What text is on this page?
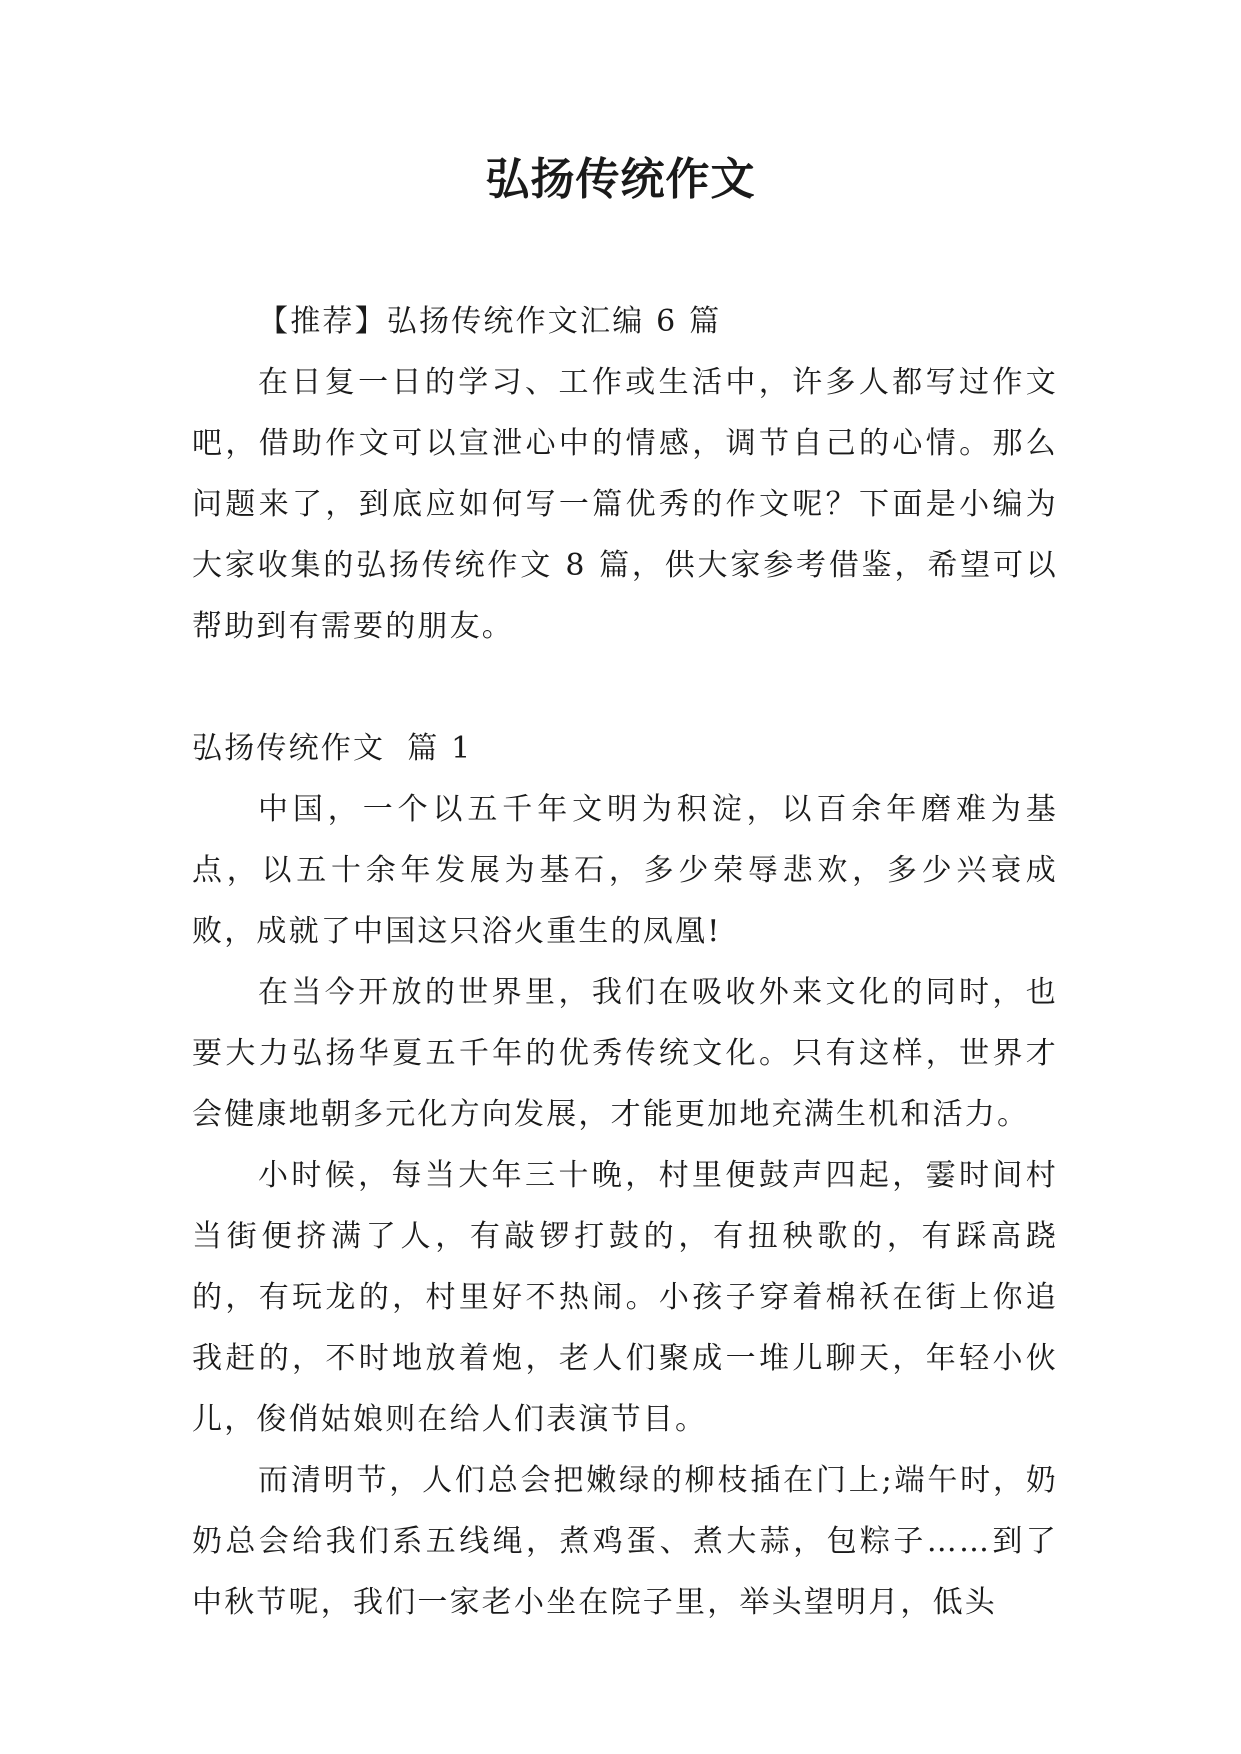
弘扬传统作文

【推荐】弘扬传统作文汇编 6 篇

在日复一日的学习、工作或生活中，许多人都写过作文吧，借助作文可以宣泄心中的情感，调节自己的心情。那么问题来了，到底应如何写一篇优秀的作文呢？下面是小编为大家收集的弘扬传统作文 8 篇，供大家参考借鉴，希望可以帮助到有需要的朋友。

弘扬传统作文 篇 1

中国，一个以五千年文明为积淀，以百余年磨难为基点，以五十余年发展为基石，多少荣辱悲欢，多少兴衰成败，成就了中国这只浴火重生的凤凰!

在当今开放的世界里，我们在吸收外来文化的同时，也要大力弘扬华夏五千年的优秀传统文化。只有这样，世界才会健康地朝多元化方向发展，才能更加地充满生机和活力。

小时候，每当大年三十晚，村里便鼓声四起，霎时间村当街便挤满了人，有敲锣打鼓的，有扭秧歌的，有踩高跷的，有玩龙的，村里好不热闹。小孩子穿着棉袄在街上你追我赶的，不时地放着炮，老人们聚成一堆儿聊天，年轻小伙儿，俊俏姑娘则在给人们表演节目。

而清明节，人们总会把嫩绿的柳枝插在门上;端午时，奶奶总会给我们系五线绳，煮鸡蛋、煮大蒜，包粽子……到了中秋节呢，我们一家老小坐在院子里，举头望明月，低头
